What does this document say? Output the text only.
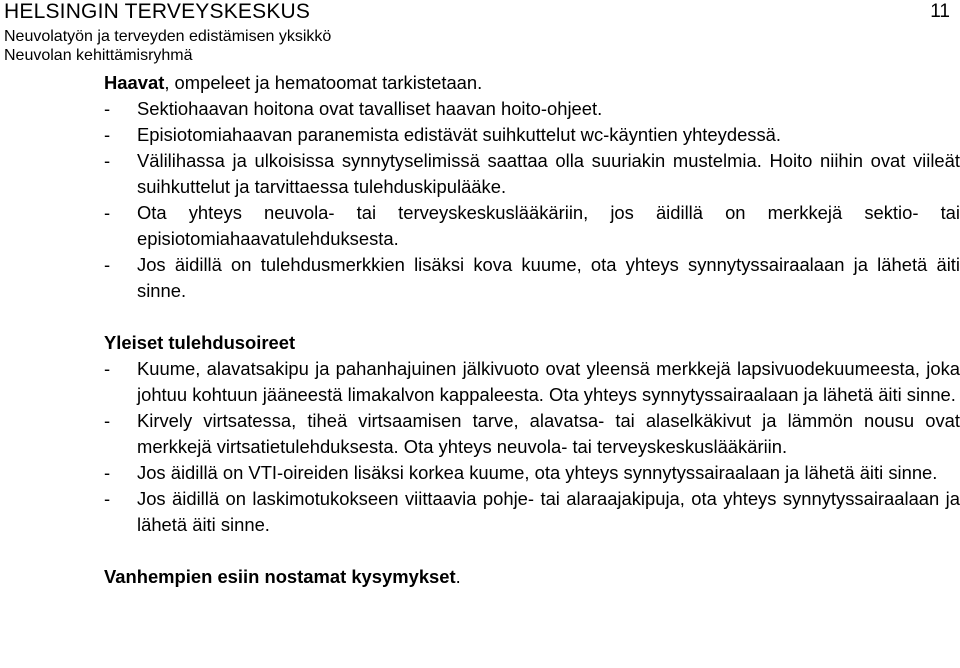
HELSINGIN TERVEYSKESKUS
Neuvolatyön ja terveyden edistämisen yksikkö
Neuvolan kehittämisryhmä
11

Haavat, ompeleet ja hematoomat tarkistetaan.

- Sektiohaavan hoitona ovat tavalliset haavan hoito-ohjeet.
- Episiotomiahaavan paranemista edistävät suihkuttelut wc-käyntien yhteydessä.
- Välilihassa ja ulkoisissa synnytyselimissä saattaa olla suuriakin mustelmia. Hoito niihin ovat viileät suihkuttelut ja tarvittaessa tulehduskipulääke.
- Ota yhteys neuvola- tai terveyskeskuslääkäriin, jos äidillä on merkkejä sektio- tai episiotomiahaavatulehduksesta.
- Jos äidillä on tulehdusmerkkien lisäksi kova kuume, ota yhteys synnytyssairaalaan ja lähetä äiti sinne.

Yleiset tulehdusoireet

- Kuume, alavatsakipu ja pahanhajuinen jälkivuoto ovat yleensä merkkejä lapsivuodekuumeesta, joka johtuu kohtuun jääneestä limakalvon kappaleesta. Ota yhteys synnytyssairaalaan ja lähetä äiti sinne.
- Kirvely virtsatessa, tiheä virtsaamisen tarve, alavatsa- tai alaselkäkivut ja lämmön nousu ovat merkkejä virtsatietulehduksesta. Ota yhteys neuvola- tai terveyskeskuslääkäriin.
- Jos äidillä on VTI-oireiden lisäksi korkea kuume, ota yhteys synnytyssairaalaan ja lähetä äiti sinne.
- Jos äidillä on laskimotukokseen viittaavia pohje- tai alaraajakipuja, ota yhteys synnytyssairaalaan ja lähetä äiti sinne.

Vanhempien esiin nostamat kysymykset.
